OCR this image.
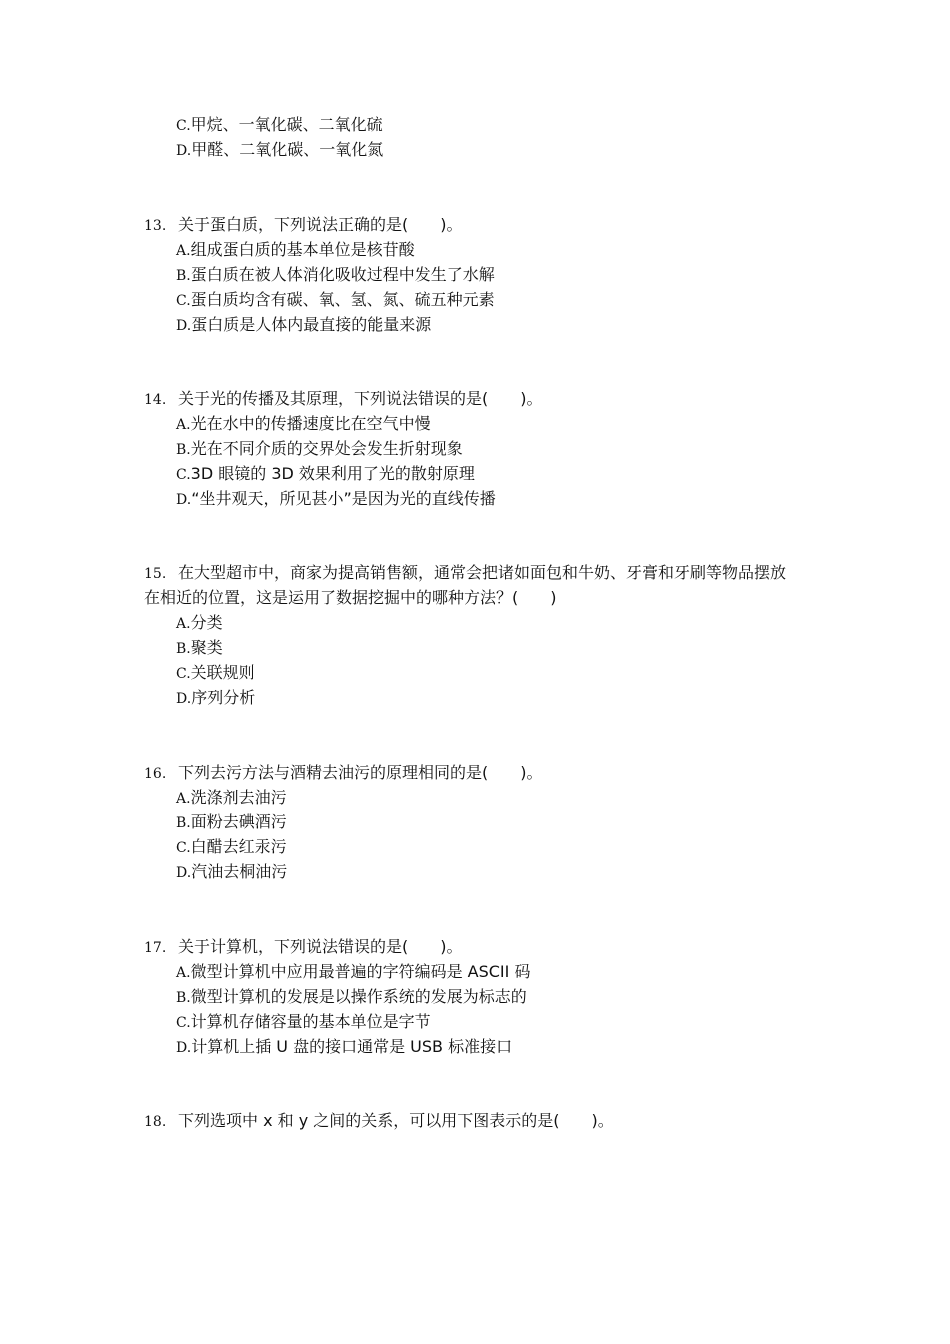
C.甲烷、一氧化碳、二氧化硫
D.甲醛、二氧化碳、一氧化氮
13. 关于蛋白质，下列说法正确的是(　　)。
A.组成蛋白质的基本单位是核苷酸
B.蛋白质在被人体消化吸收过程中发生了水解
C.蛋白质均含有碳、氧、氢、氮、硫五种元素
D.蛋白质是人体内最直接的能量来源
14. 关于光的传播及其原理，下列说法错误的是(　　)。
A.光在水中的传播速度比在空气中慢
B.光在不同介质的交界处会发生折射现象
C.3D 眼镜的 3D 效果利用了光的散射原理
D.“坐井观天，所见甚小”是因为光的直线传播
15. 在大型超市中，商家为提高销售额，通常会把诸如面包和牛奶、牙膏和牙刷等物品摆放
在相近的位置，这是运用了数据挖掘中的哪种方法？(　　)
A.分类
B.聚类
C.关联规则
D.序列分析
16. 下列去污方法与酒精去油污的原理相同的是(　　)。
A.洗涤剂去油污
B.面粉去碘酒污
C.白醋去红汞污
D.汽油去桐油污
17. 关于计算机，下列说法错误的是(　　)。
A.微型计算机中应用最普遍的字符编码是 ASCII 码
B.微型计算机的发展是以操作系统的发展为标志的
C.计算机存储容量的基本单位是字节
D.计算机上插 U 盘的接口通常是 USB 标准接口
18. 下列选项中 x 和 y 之间的关系，可以用下图表示的是(　　)。
